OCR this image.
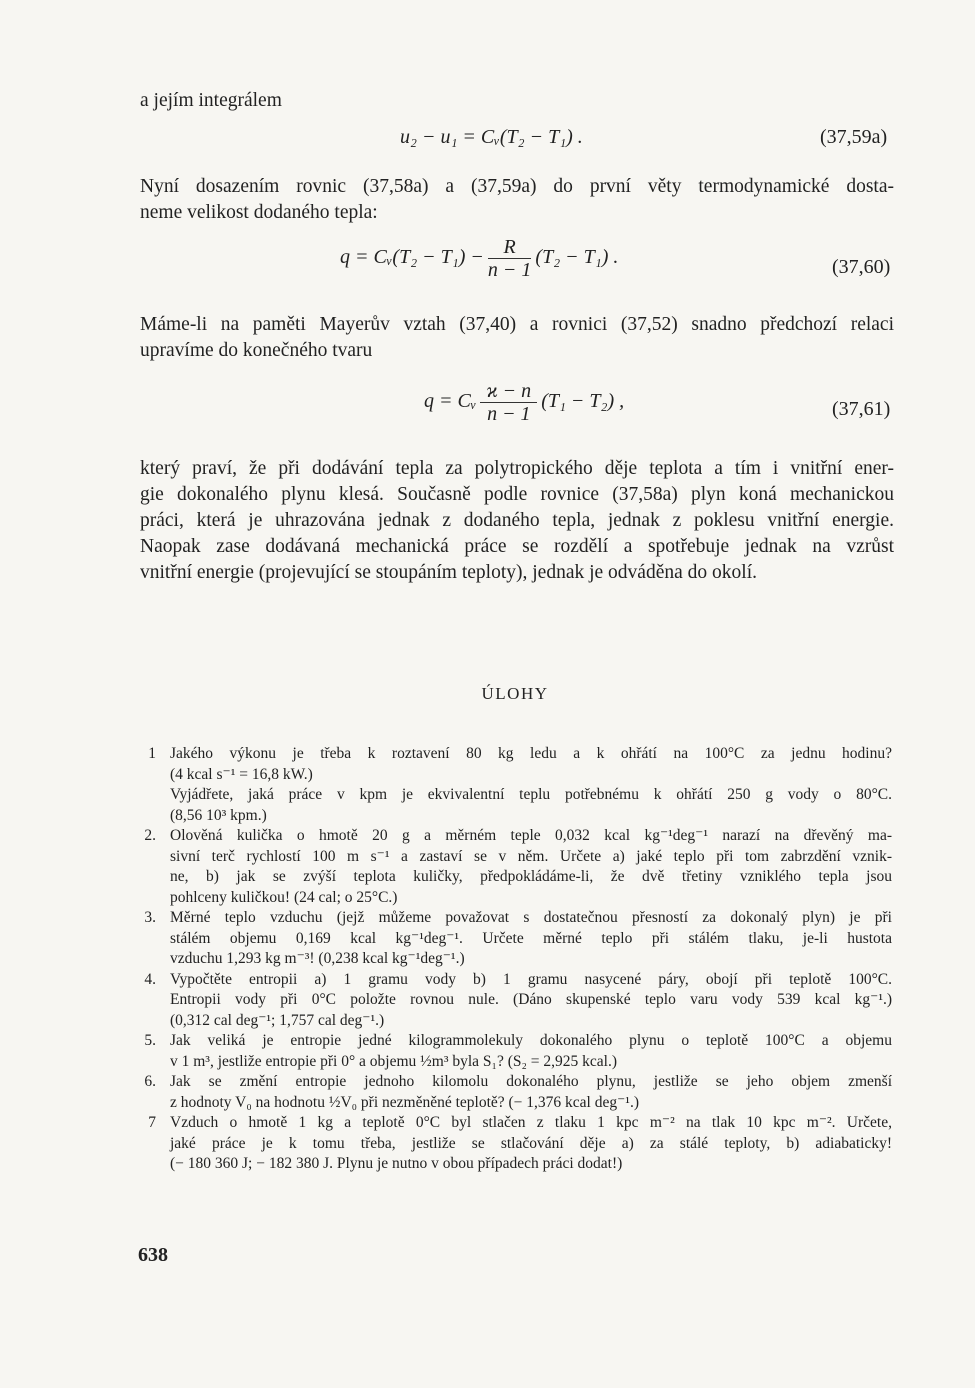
a jejím integrálem
u₂ − u₁ = Cᵥ(T₂ − T₁) .	(37,59a)
Nyní dosazením rovnic (37,58a) a (37,59a) do první věty termodynamické dosta-
neme velikost dodaného tepla:
q = Cᵥ(T₂ − $T_1) - \frac{R}{n - 1} (T_2 - T_1)$ .	(37,60)
Máme-li na paměti Mayerův vztah (37,40) a rovnici (37,52) snadno předchozí relaci
upravíme do konečného tvaru
q = Cᵥ $\frac{ϰ - n}{n - 1} (T_1 - T_2)$ ,	(37,61)
který praví, že při dodávání tepla za polytropického děje teplota a tím i vnitřní ener-
gie dokonalého plynu klesá. Současně podle rovnice (37,58a) plyn koná mechanickou
práci, která je uhrazována jednak z dodaného tepla, jednak z poklesu vnitřní energie.
Naopak zase dodávaná mechanická práce se rozdělí a spotřebuje jednak na vzrůst
vnitřní energie (projevující se stoupáním teploty), jednak je odváděna do okolí.
ÚLOHY
1 Jakého výkonu je třeba k roztavení 80 kg ledu a k ohřátí na 100°C za jednu hodinu?
(4 kcal s⁻¹ = 16,8 kW.)
Vyjádřete, jaká práce v kpm je ekvivalentní teplu potřebnému k ohřátí 250 g vody o 80°C.
(8,56 10³ kpm.)
2. Olověná kulička o hmotě 20 g a měrném teple 0,032 kcal kg⁻¹deg⁻¹ narazí na dřevěný ma-
sivní terč rychlostí 100 m s⁻¹ a zastaví se v něm. Určete a) jaké teplo při tom zabrzdění vznik-
ne, b) jak se zvýší teplota kuličky, předpokládáme-li, že dvě třetiny vzniklého tepla jsou
pohlceny kuličkou! (24 cal; o 25°C.)
3. Měrné teplo vzduchu (jejž můžeme považovat s dostatečnou přesností za dokonalý plyn) je při
stálém objemu 0,169 kcal kg⁻¹deg⁻¹. Určete měrné teplo při stálém tlaku, je-li hustota
vzduchu 1,293 kg m⁻³! (0,238 kcal kg⁻¹deg⁻¹.)
4. Vypočtěte entropii a) 1 gramu vody b) 1 gramu nasycené páry, obojí při teplotě 100°C.
Entropii vody při 0°C položte rovnou nule. (Dáno skupenské teplo varu vody 539 kcal kg⁻¹.)
(0,312 cal deg⁻¹; 1,757 cal deg⁻¹.)
5. Jak veliká je entropie jedné kilogrammolekuly dokonalého plynu o teplotě 100°C a objemu
v 1 m³, jestliže entropie při 0° a objemu ½m³ byla S₁? (S₂ = 2,925 kcal.)
6. Jak se změní entropie jednoho kilomolu dokonalého plynu, jestliže se jeho objem zmenší
z hodnoty V₀ na hodnotu ½V₀ při nezměněné teplotě? (− 1,376 kcal deg⁻¹.)
7 Vzduch o hmotě 1 kg a teplotě 0°C byl stlačen z tlaku 1 kpc m⁻² na tlak 10 kpc m⁻². Určete,
jaké práce je k tomu třeba, jestliže se stlačování děje a) za stálé teploty, b) adiabaticky!
(− 180 360 J; − 182 380 J. Plynu je nutno v obou případech práci dodat!)
638
